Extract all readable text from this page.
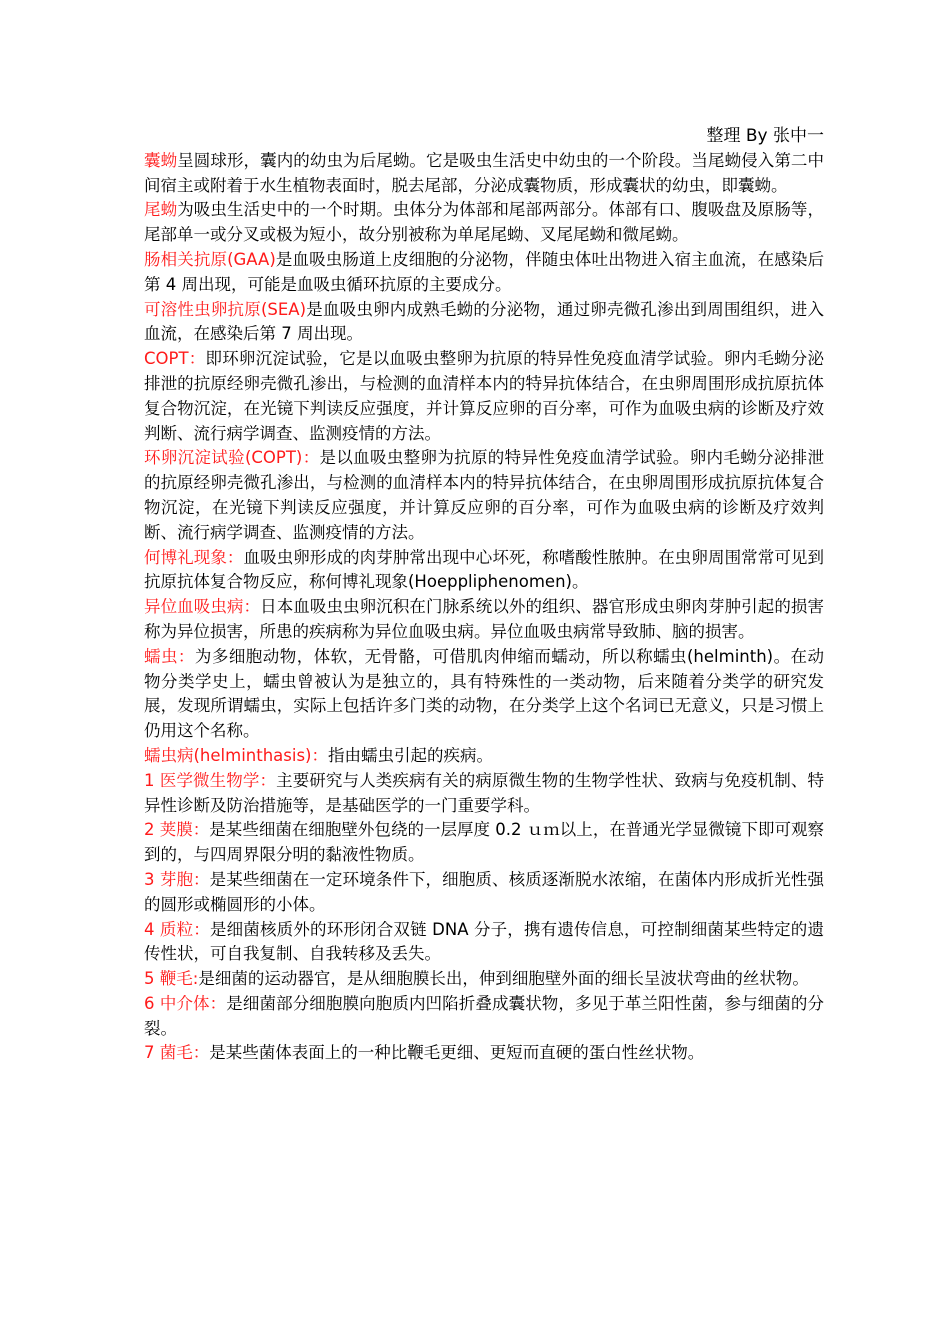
整理 By 张中一

囊蚴呈圆球形，囊内的幼虫为后尾蚴。它是吸虫生活史中幼虫的一个阶段。当尾蚴侵入第二中间宿主或附着于水生植物表面时，脱去尾部，分泌成囊物质，形成囊状的幼虫，即囊蚴。

尾蚴为吸虫生活史中的一个时期。虫体分为体部和尾部两部分。体部有口、腹吸盘及原肠等，尾部单一或分叉或极为短小，故分别被称为单尾尾蚴、叉尾尾蚴和微尾蚴。

肠相关抗原(GAA)是血吸虫肠道上皮细胞的分泌物，伴随虫体吐出物进入宿主血流，在感染后第 4 周出现，可能是血吸虫循环抗原的主要成分。

可溶性虫卵抗原(SEA)是血吸虫卵内成熟毛蚴的分泌物，通过卵壳微孔渗出到周围组织，进入血流，在感染后第 7 周出现。

COPT：即环卵沉淀试验，它是以血吸虫整卵为抗原的特异性免疫血清学试验。卵内毛蚴分泌排泄的抗原经卵壳微孔渗出，与检测的血清样本内的特异抗体结合，在虫卵周围形成抗原抗体复合物沉淀，在光镜下判读反应强度，并计算反应卵的百分率，可作为血吸虫病的诊断及疗效判断、流行病学调查、监测疫情的方法。

环卵沉淀试验(COPT)：是以血吸虫整卵为抗原的特异性免疫血清学试验。卵内毛蚴分泌排泄的抗原经卵壳微孔渗出，与检测的血清样本内的特异抗体结合，在虫卵周围形成抗原抗体复合物沉淀，在光镜下判读反应强度，并计算反应卵的百分率，可作为血吸虫病的诊断及疗效判断、流行病学调查、监测疫情的方法。

何博礼现象：血吸虫卵形成的肉芽肿常出现中心坏死，称嗜酸性脓肿。在虫卵周围常常可见到抗原抗体复合物反应，称何博礼现象(Hoeppliphenomen)。

异位血吸虫病：日本血吸虫虫卵沉积在门脉系统以外的组织、器官形成虫卵肉芽肿引起的损害称为异位损害，所患的疾病称为异位血吸虫病。异位血吸虫病常导致肺、脑的损害。

蠕虫：为多细胞动物，体软，无骨骼，可借肌肉伸缩而蠕动，所以称蠕虫(helminth)。在动物分类学史上，蠕虫曾被认为是独立的，具有特殊性的一类动物，后来随着分类学的研究发展，发现所谓蠕虫，实际上包括许多门类的动物，在分类学上这个名词已无意义，只是习惯上仍用这个名称。

蠕虫病(helminthasis)：指由蠕虫引起的疾病。

1 医学微生物学：主要研究与人类疾病有关的病原微生物的生物学性状、致病与免疫机制、特异性诊断及防治措施等，是基础医学的一门重要学科。

2 荚膜：是某些细菌在细胞壁外包绕的一层厚度 0.2 ｕｍ以上，在普通光学显微镜下即可观察到的，与四周界限分明的黏液性物质。

3 芽胞：是某些细菌在一定环境条件下，细胞质、核质逐渐脱水浓缩，在菌体内形成折光性强的圆形或椭圆形的小体。

4 质粒：是细菌核质外的环形闭合双链 DNA 分子，携有遗传信息，可控制细菌某些特定的遗传性状，可自我复制、自我转移及丢失。

5 鞭毛:是细菌的运动器官，是从细胞膜长出，伸到细胞壁外面的细长呈波状弯曲的丝状物。

6 中介体：是细菌部分细胞膜向胞质内凹陷折叠成囊状物，多见于革兰阳性菌，参与细菌的分裂。

7 菌毛：是某些菌体表面上的一种比鞭毛更细、更短而直硬的蛋白性丝状物。
